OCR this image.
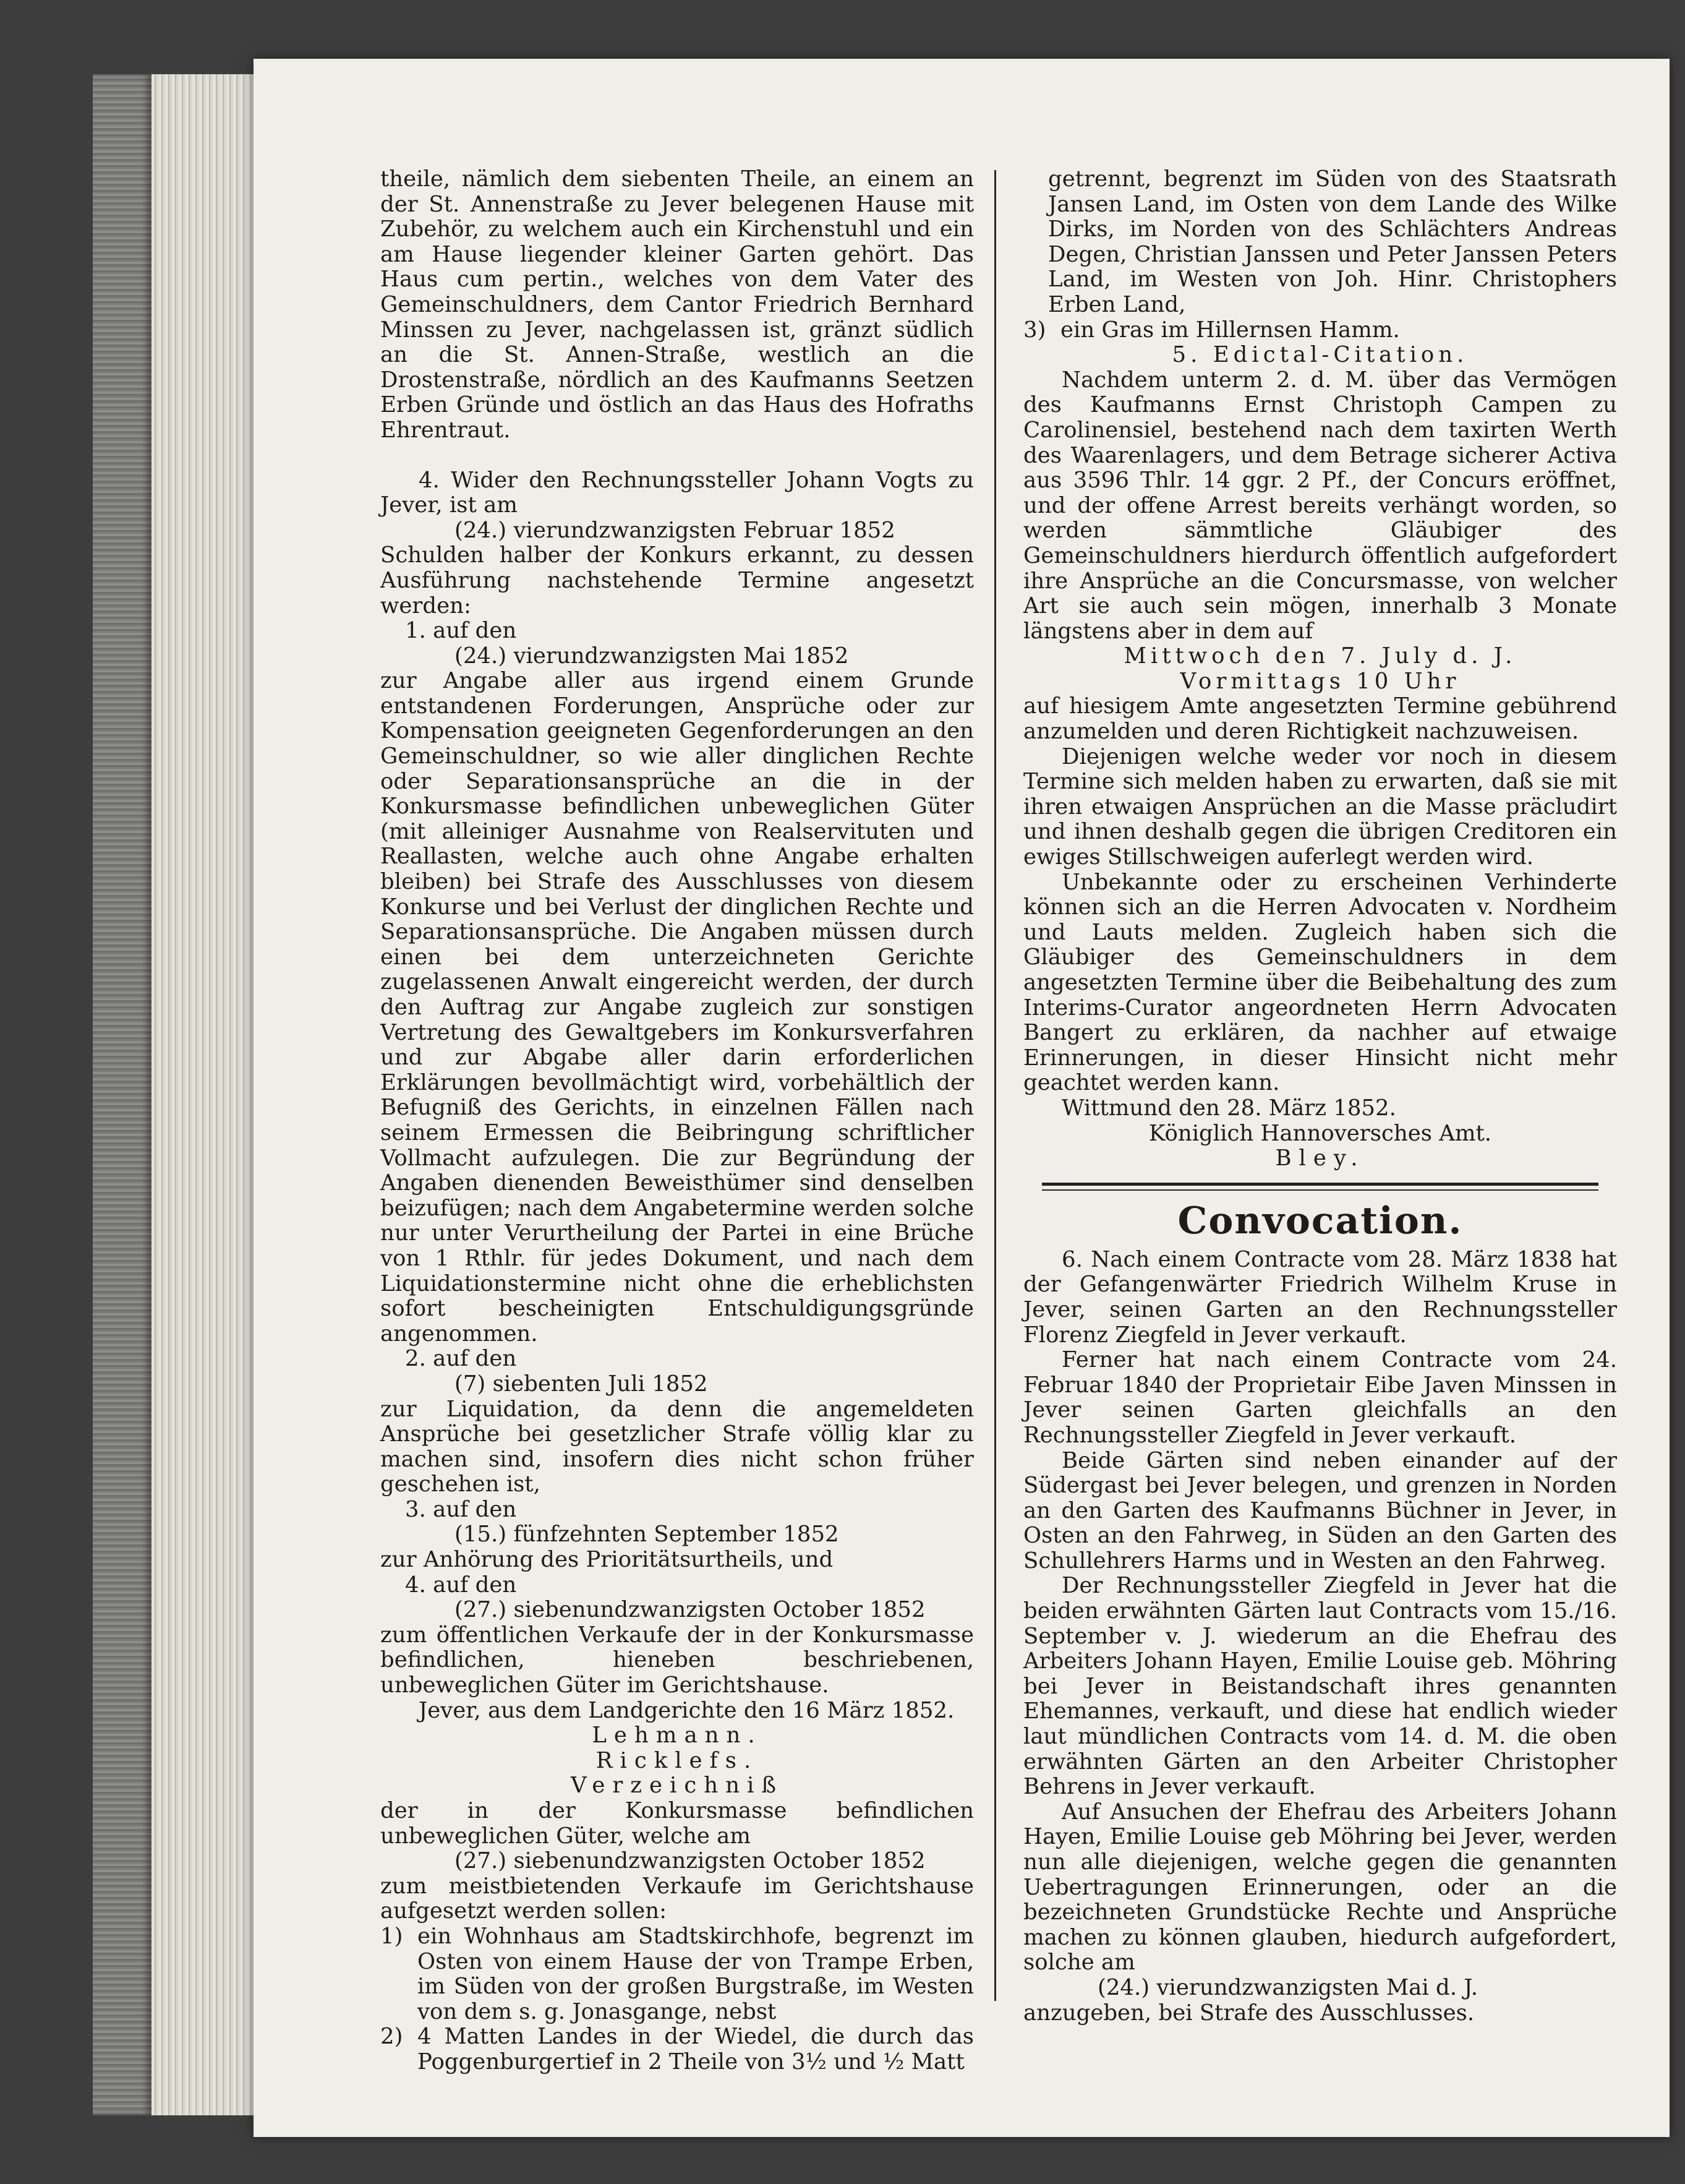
theile, nämlich dem siebenten Theile, an einem an der St. Annenstraße zu Jever belegenen Hause mit Zubehör, zu welchem auch ein Kirchenstuhl und ein am Hause liegender kleiner Garten gehört. Das Haus cum pertin., welches von dem Vater des Gemeinschuldners, dem Cantor Friedrich Bernhard Minssen zu Jever, nachgelassen ist, gränzt südlich an die St. Annen-Straße, westlich an die Drostenstraße, nördlich an des Kaufmanns Seetzen Erben Gründe und östlich an das Haus des Hofraths Ehrentraut.
4. Wider den Rechnungssteller Johann Vogts zu Jever, ist am
(24.) vierundzwanzigsten Februar 1852
Schulden halber der Konkurs erkannt, zu dessen Ausführung nachstehende Termine angesetzt werden:
1. auf den
(24.) vierundzwanzigsten Mai 1852
zur Angabe aller aus irgend einem Grunde entstandenen Forderungen, Ansprüche oder zur Kompensation geeigneten Gegenforderungen an den Gemeinschuldner, so wie aller dinglichen Rechte oder Separationsansprüche an die in der Konkursmasse befindlichen unbeweglichen Güter (mit alleiniger Ausnahme von Realservituten und Reallasten, welche auch ohne Angabe erhalten bleiben) bei Strafe des Ausschlusses von diesem Konkurse und bei Verlust der dinglichen Rechte und Separationsansprüche. Die Angaben müssen durch einen bei dem unterzeichneten Gerichte zugelassenen Anwalt eingereicht werden, der durch den Auftrag zur Angabe zugleich zur sonstigen Vertretung des Gewaltgebers im Konkursverfahren und zur Abgabe aller darin erforderlichen Erklärungen bevollmächtigt wird, vorbehältlich der Befugniß des Gerichts, in einzelnen Fällen nach seinem Ermessen die Beibringung schriftlicher Vollmacht aufzulegen. Die zur Begründung der Angaben dienenden Beweisthümer sind denselben beizufügen; nach dem Angabetermine werden solche nur unter Verurtheilung der Partei in eine Brüche von 1 Rthlr. für jedes Dokument, und nach dem Liquidationstermine nicht ohne die erheblichsten sofort bescheinigten Entschuldigungsgründe angenommen.
2. auf den
(7) siebenten Juli 1852
zur Liquidation, da denn die angemeldeten Ansprüche bei gesetzlicher Strafe völlig klar zu machen sind, insofern dies nicht schon früher geschehen ist,
3. auf den
(15.) fünfzehnten September 1852
zur Anhörung des Prioritätsurtheils, und
4. auf den
(27.) siebenundzwanzigsten October 1852
zum öffentlichen Verkaufe der in der Konkursmasse befindlichen, hieneben beschriebenen, unbeweglichen Güter im Gerichtshause.
Jever, aus dem Landgerichte den 16 März 1852.
Lehmann.
Ricklefs.
Verzeichniß
der in der Konkursmasse befindlichen unbeweglichen Güter, welche am
(27.) siebenundzwanzigsten October 1852
zum meistbietenden Verkaufe im Gerichtshause aufgesetzt werden sollen:
1) ein Wohnhaus am Stadtskirchhofe, begrenzt im Osten von einem Hause der von Trampe Erben, im Süden von der großen Burgstraße, im Westen von dem s. g. Jonasgange, nebst
2) 4 Matten Landes in der Wiedel, die durch das Poggenburgertief in 2 Theile von 3½ und ½ Matt
getrennt, begrenzt im Süden von des Staatsrath Jansen Land, im Osten von dem Lande des Wilke Dirks, im Norden von des Schlächters Andreas Degen, Christian Janssen und Peter Janssen Peters Land, im Westen von Joh. Hinr. Christophers Erben Land,
3) ein Gras im Hillernsen Hamm.
5. Edictal-Citation.
Nachdem unterm 2. d. M. über das Vermögen des Kaufmanns Ernst Christoph Campen zu Carolinensiel, bestehend nach dem taxirten Werth des Waarenlagers, und dem Betrage sicherer Activa aus 3596 Thlr. 14 ggr. 2 Pf., der Concurs eröffnet, und der offene Arrest bereits verhängt worden, so werden sämmtliche Gläubiger des Gemeinschuldners hierdurch öffentlich aufgefordert ihre Ansprüche an die Concursmasse, von welcher Art sie auch sein mögen, innerhalb 3 Monate längstens aber in dem auf
Mittwoch den 7. July d. J.
Vormittags 10 Uhr
auf hiesigem Amte angesetzten Termine gebührend anzumelden und deren Richtigkeit nachzuweisen.
Diejenigen welche weder vor noch in diesem Termine sich melden haben zu erwarten, daß sie mit ihren etwaigen Ansprüchen an die Masse präcludirt und ihnen deshalb gegen die übrigen Creditoren ein ewiges Stillschweigen auferlegt werden wird.
Unbekannte oder zu erscheinen Verhinderte können sich an die Herren Advocaten v. Nordheim und Lauts melden. Zugleich haben sich die Gläubiger des Gemeinschuldners in dem angesetzten Termine über die Beibehaltung des zum Interims-Curator angeordneten Herrn Advocaten Bangert zu erklären, da nachher auf etwaige Erinnerungen, in dieser Hinsicht nicht mehr geachtet werden kann.
Wittmund den 28. März 1852.
Königlich Hannoversches Amt.
Bley.
Convocation.
6. Nach einem Contracte vom 28. März 1838 hat der Gefangenwärter Friedrich Wilhelm Kruse in Jever, seinen Garten an den Rechnungssteller Florenz Ziegfeld in Jever verkauft.
Ferner hat nach einem Contracte vom 24. Februar 1840 der Proprietair Eibe Javen Minssen in Jever seinen Garten gleichfalls an den Rechnungssteller Ziegfeld in Jever verkauft.
Beide Gärten sind neben einander auf der Südergast bei Jever belegen, und grenzen in Norden an den Garten des Kaufmanns Büchner in Jever, in Osten an den Fahrweg, in Süden an den Garten des Schullehrers Harms und in Westen an den Fahrweg.
Der Rechnungssteller Ziegfeld in Jever hat die beiden erwähnten Gärten laut Contracts vom 15./16. September v. J. wiederum an die Ehefrau des Arbeiters Johann Hayen, Emilie Louise geb. Möhring bei Jever in Beistandschaft ihres genannten Ehemannes, verkauft, und diese hat endlich wieder laut mündlichen Contracts vom 14. d. M. die oben erwähnten Gärten an den Arbeiter Christopher Behrens in Jever verkauft.
Auf Ansuchen der Ehefrau des Arbeiters Johann Hayen, Emilie Louise geb Möhring bei Jever, werden nun alle diejenigen, welche gegen die genannten Uebertragungen Erinnerungen, oder an die bezeichneten Grundstücke Rechte und Ansprüche machen zu können glauben, hiedurch aufgefordert, solche am
(24.) vierundzwanzigsten Mai d. J.
anzugeben, bei Strafe des Ausschlusses.
